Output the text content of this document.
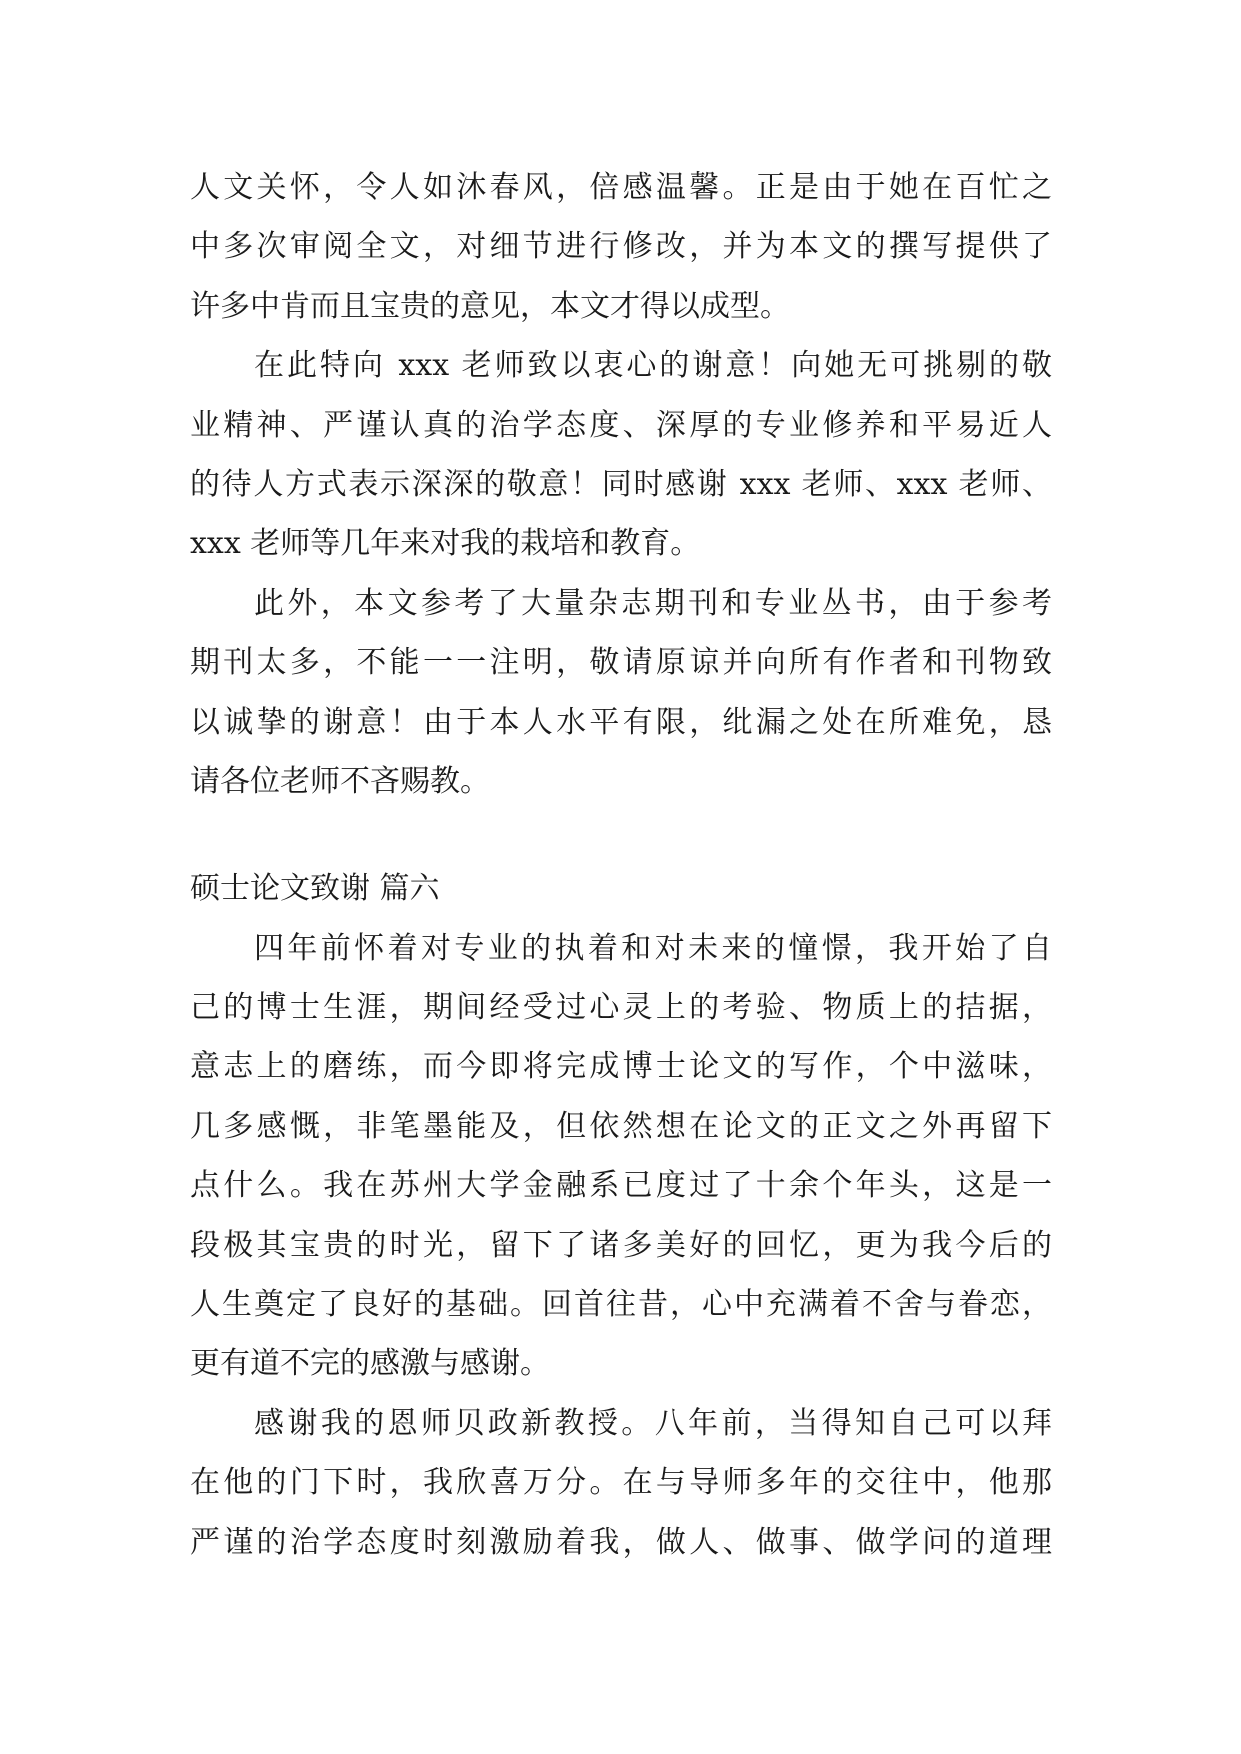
人文关怀，令人如沐春风，倍感温馨。正是由于她在百忙之
中多次审阅全文，对细节进行修改，并为本文的撰写提供了
许多中肯而且宝贵的意见，本文才得以成型。
在此特向 xxx 老师致以衷心的谢意！向她无可挑剔的敬
业精神、严谨认真的治学态度、深厚的专业修养和平易近人
的待人方式表示深深的敬意！同时感谢 xxx 老师、xxx 老师、
xxx 老师等几年来对我的栽培和教育。
此外，本文参考了大量杂志期刊和专业丛书，由于参考
期刊太多，不能一一注明，敬请原谅并向所有作者和刊物致
以诚挚的谢意！由于本人水平有限，纰漏之处在所难免，恳
请各位老师不吝赐教。
硕士论文致谢 篇六
四年前怀着对专业的执着和对未来的憧憬，我开始了自
己的博士生涯，期间经受过心灵上的考验、物质上的拮据，
意志上的磨练，而今即将完成博士论文的写作，个中滋味，
几多感慨，非笔墨能及，但依然想在论文的正文之外再留下
点什么。我在苏州大学金融系已度过了十余个年头，这是一
段极其宝贵的时光，留下了诸多美好的回忆，更为我今后的
人生奠定了良好的基础。回首往昔，心中充满着不舍与眷恋，
更有道不完的感激与感谢。
感谢我的恩师贝政新教授。八年前，当得知自己可以拜
在他的门下时，我欣喜万分。在与导师多年的交往中，他那
严谨的治学态度时刻激励着我，做人、做事、做学问的道理
